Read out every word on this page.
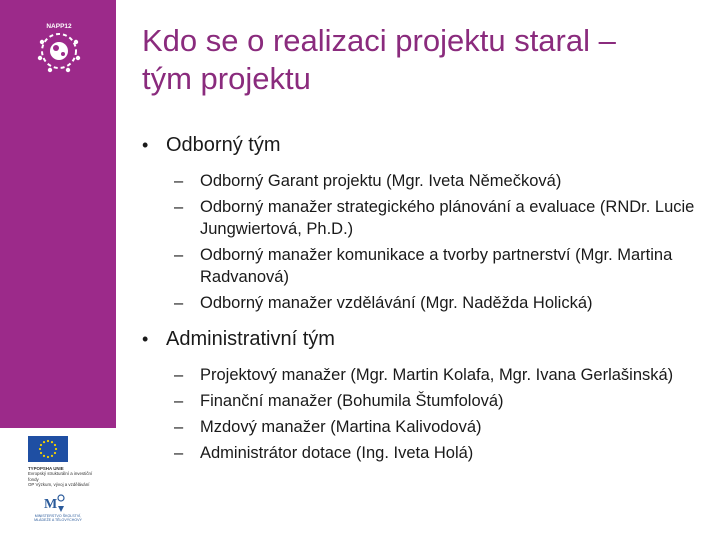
NAPP12
TYPOPSHA UNIE
Evropský strukturální a investiční fondy
OP Výzkum, vývoj a vzdělávání
M
MINISTERSTVO ŠKOLSTVÍ,
MLÁDEŽE A TĚLOVÝCHOVY
Kdo se o realizaci projektu staral –
tým projektu
• Odborný tým
– Odborný Garant projektu (Mgr. Iveta Němečková)
– Odborný manažer strategického plánování a evaluace (RNDr. Lucie Jungwiertová, Ph.D.)
– Odborný manažer komunikace a tvorby partnerství (Mgr. Martina Radvanová)
– Odborný manažer vzdělávání (Mgr. Naděžda Holická)
• Administrativní tým
– Projektový manažer (Mgr. Martin Kolafa, Mgr. Ivana Gerlašinská)
– Finanční manažer (Bohumila Štumfolová)
– Mzdový manažer (Martina Kalivodová)
– Administrátor dotace (Ing. Iveta Holá)
